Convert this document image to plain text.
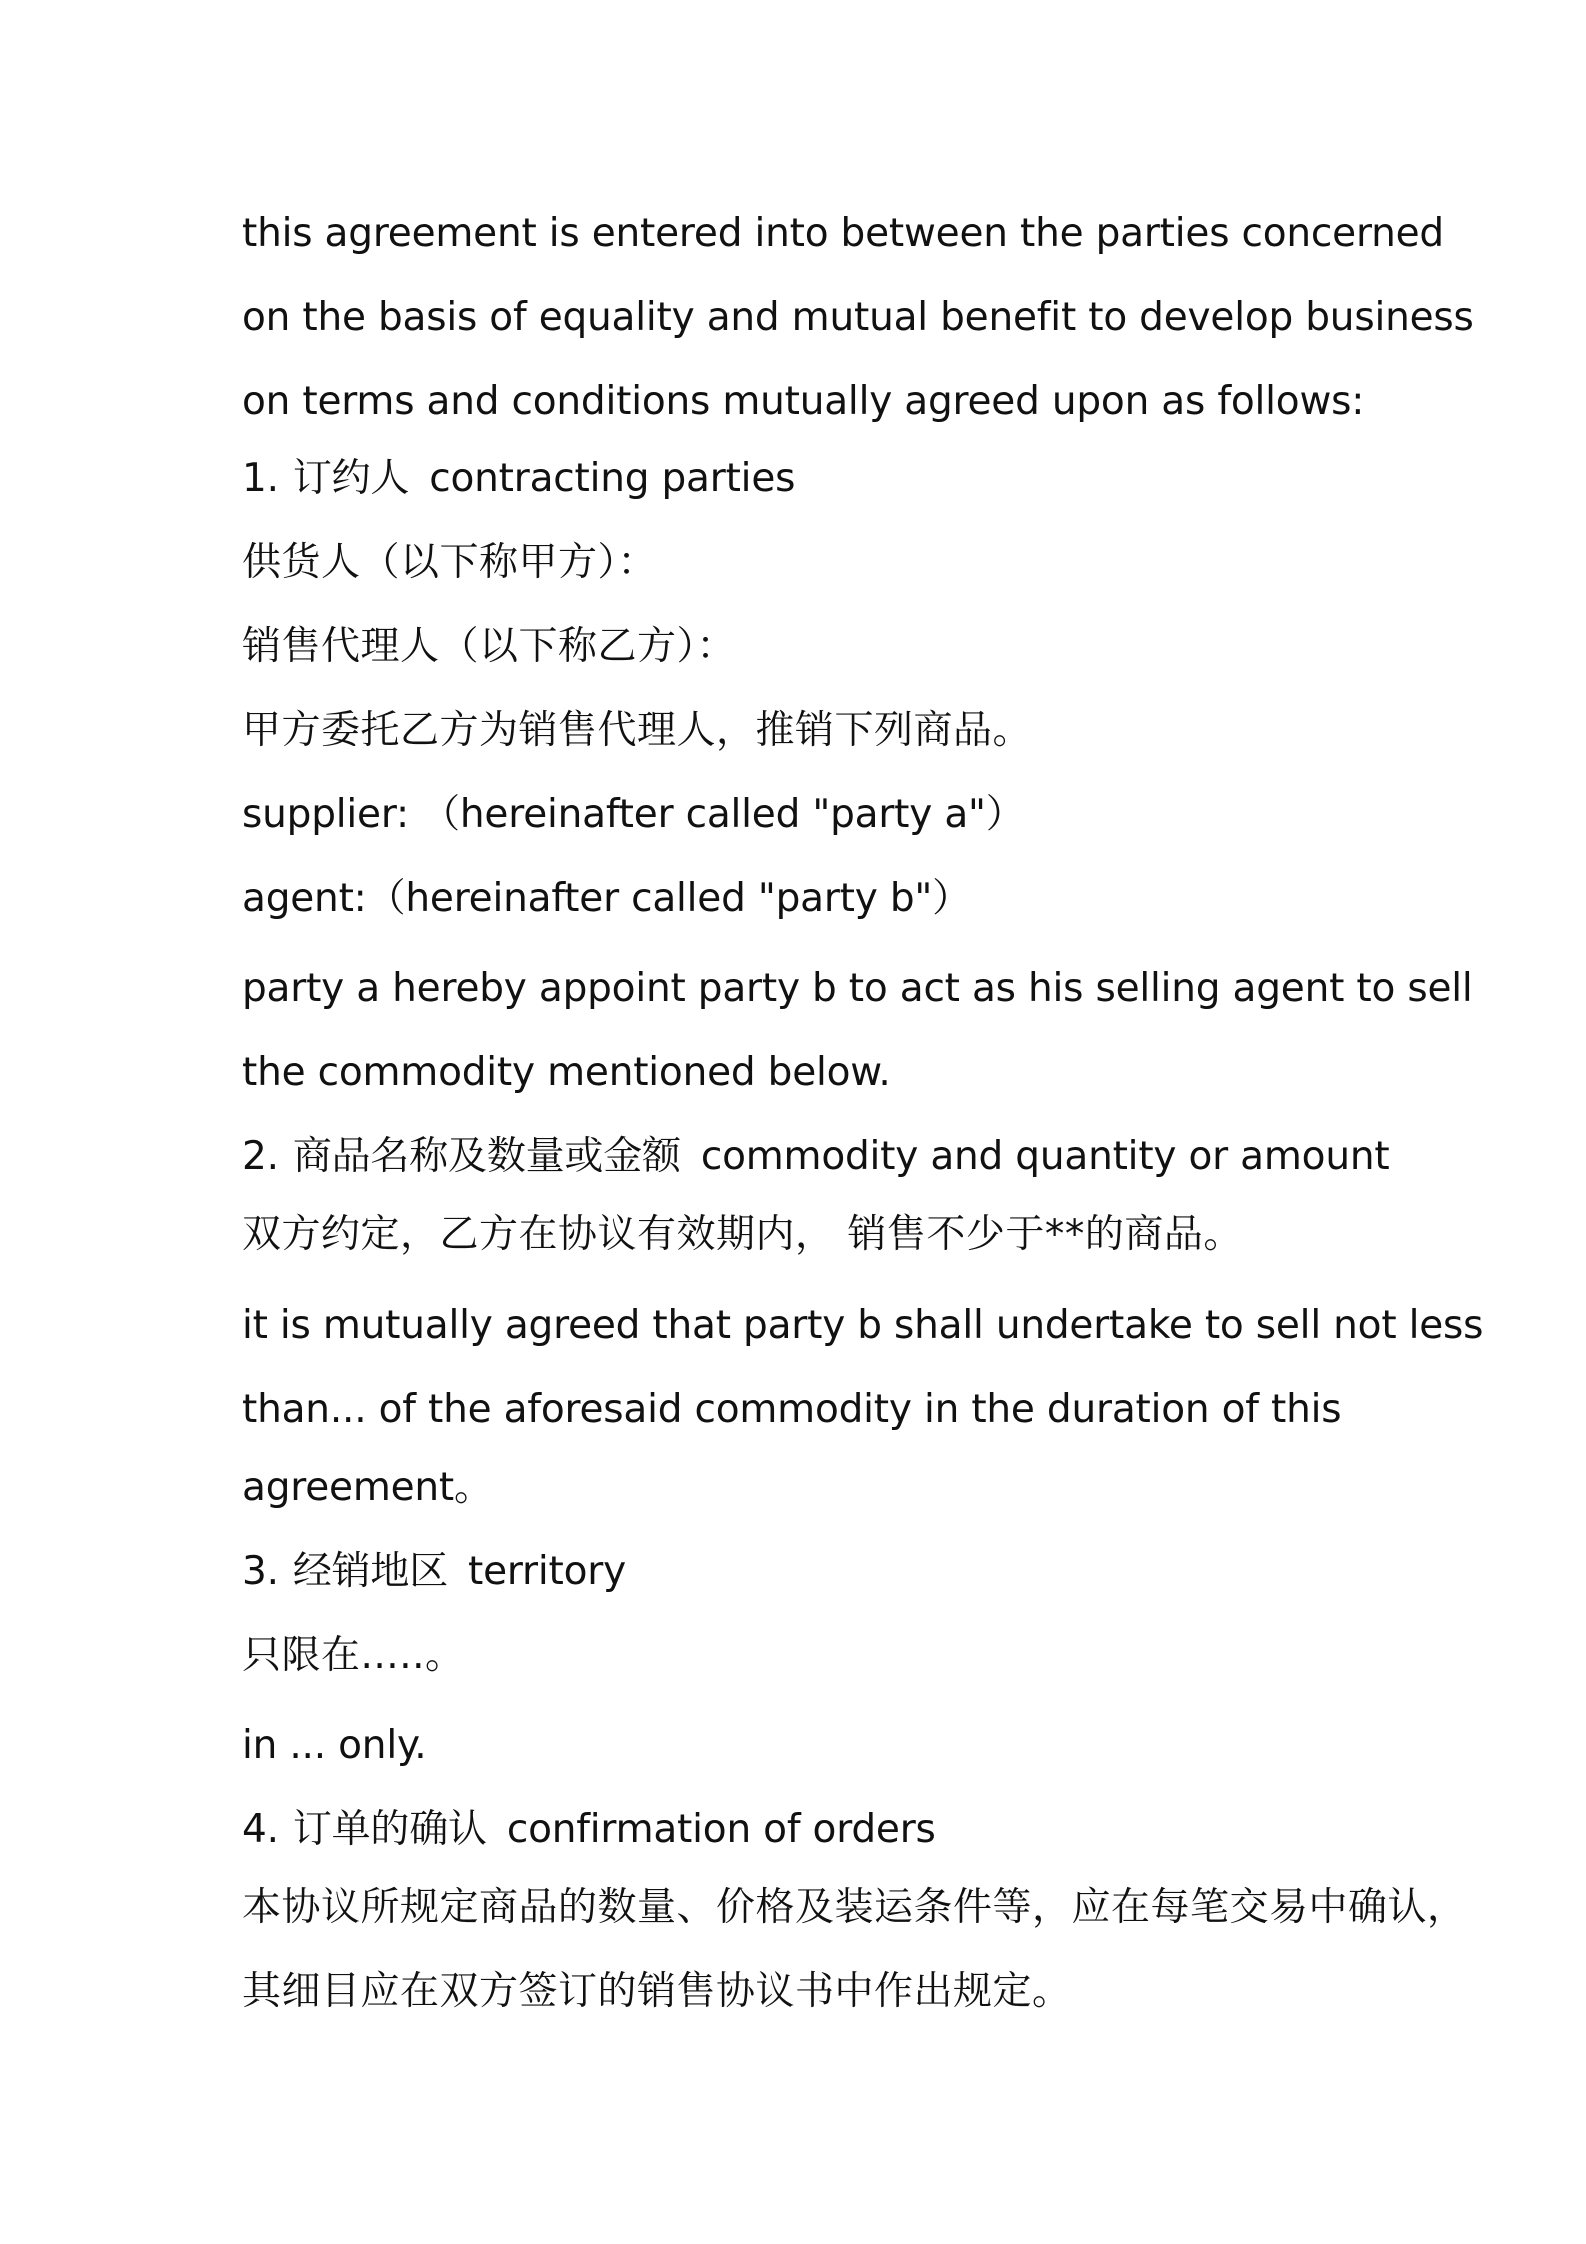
this agreement is entered into between the parties concerned
on the basis of equality and mutual benefit to develop business
on terms and conditions mutually agreed upon as follows:
1. 订约人 contracting parties
供货人（以下称甲方）：
销售代理人（以下称乙方）：
甲方委托乙方为销售代理人，推销下列商品。
supplier: （hereinafter called "party a"）
agent:（hereinafter called "party b"）
party a hereby appoint party b to act as his selling agent to sell
the commodity mentioned below.
2. 商品名称及数量或金额 commodity and quantity or amount
双方约定，乙方在协议有效期内， 销售不少于**的商品。
it is mutually agreed that party b shall undertake to sell not less
than... of the aforesaid commodity in the duration of this
agreement。
3. 经销地区 territory
只限在.....。
in ... only.
4. 订单的确认 confirmation of orders
本协议所规定商品的数量、价格及装运条件等，应在每笔交易中确认，
其细目应在双方签订的销售协议书中作出规定。
